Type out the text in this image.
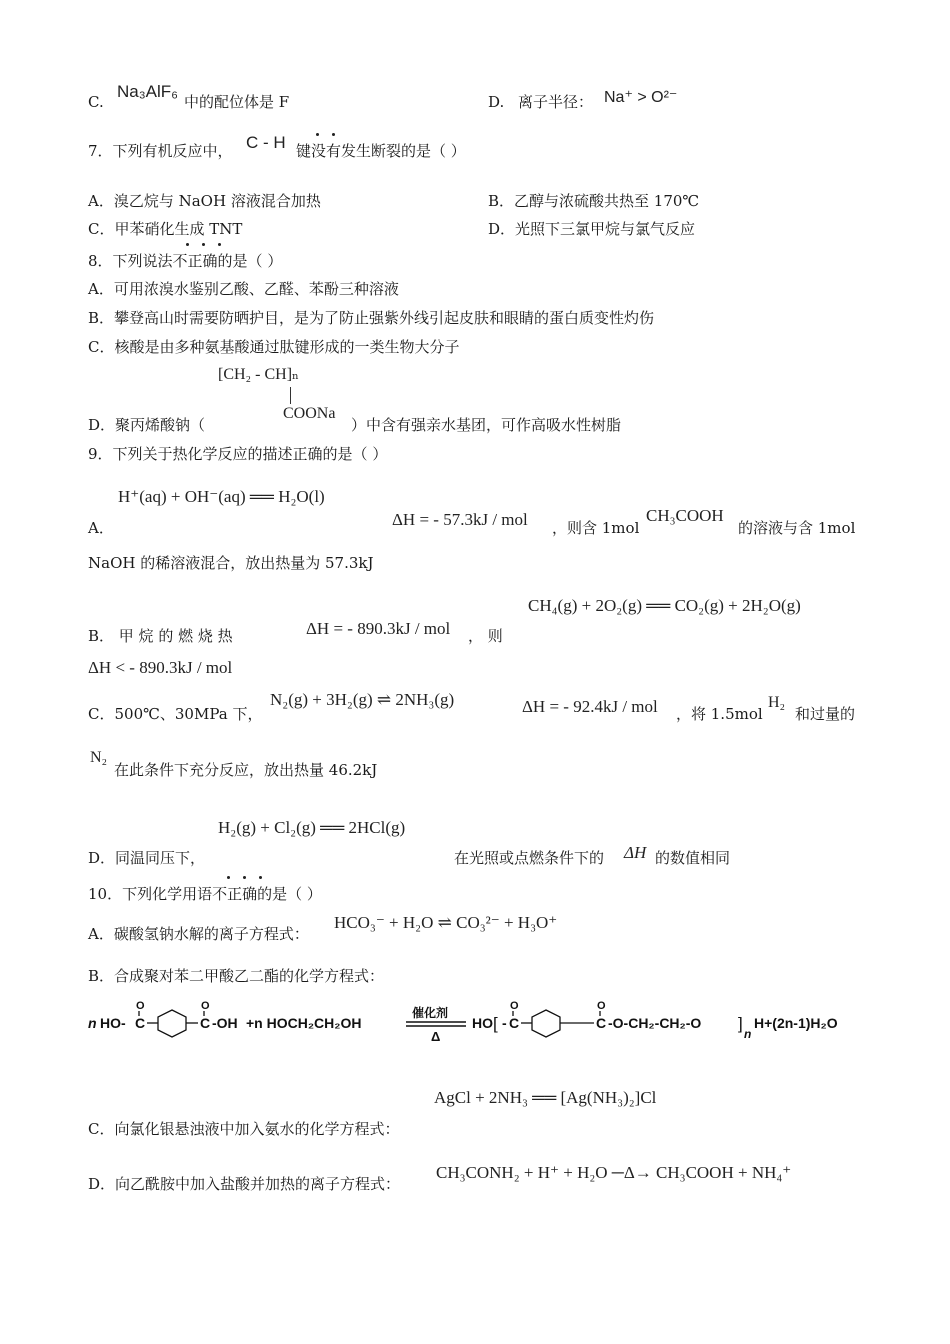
C.
Na₃AlF₆
中的配位体是 F	D. 离子半径： Na⁺ > O²⁻
7．下列有机反应中， C - H 键没有发生断裂的是（ ）
A．溴乙烷与 NaOH 溶液混合加热	B．乙醇与浓硫酸共热至 170℃
C．甲苯硝化生成 TNT	D．光照下三氯甲烷与氯气反应
8．下列说法不正确的是（ ）
A．可用浓溴水鉴别乙酸、乙醛、苯酚三种溶液
B．攀登高山时需要防晒护目，是为了防止强紫外线引起皮肤和眼睛的蛋白质变性灼伤
C．核酸是由多种氨基酸通过肽键形成的一类生物大分子
[CH₂ - CH]ₙ
COONa
D．聚丙烯酸钠（	）中含有强亲水基团，可作高吸水性树脂
9．下列关于热化学反应的描述正确的是（ ）
H⁺(aq) + OH⁻(aq) ══ H₂O(l)
A．	ΔH = - 57.3kJ / mol ，则含 1mol
CH₃COOH
的溶液与含 1mol
NaOH 的稀溶液混合，放出热量为 57.3kJ
CH₄(g) + 2O₂(g) ══ CO₂(g) + 2H₂O(g)
B． 甲 烷 的 燃 烧 热	ΔH = - 890.3kJ / mol ， 则
ΔH < - 890.3kJ / mol
C．500℃、30MPa 下，
N₂(g) + 3H₂(g) ⇌ 2NH₃(g)	ΔH = - 92.4kJ / mol ，将 1.5mol
H₂
和过量的
N₂
在此条件下充分反应，放出热量 46.2kJ
H₂(g) + Cl₂(g) ══ 2HCl(g)
D．同温同压下，	在光照或点燃条件下的 ΔH 的数值相同
10．下列化学用语不正确的是（ ）
A．碳酸氢钠水解的离子方程式：
HCO₃⁻ + H₂O ⇌ CO₃²⁻ + H₃O⁺
B．合成聚对苯二甲酸乙二酯的化学方程式：
n HO- C
O
C
O
-OH +n HOCH₂CH₂OH
催化剂
Δ
HO [ - C
O
C
O
-O-CH₂-CH₂-O ]
n
H+(2n-1)H₂O
AgCl + 2NH₃ ══ [Ag(NH₃)₂]Cl
C．向氯化银悬浊液中加入氨水的化学方程式：
D．向乙酰胺中加入盐酸并加热的离子方程式：
CH₃CONH₂ + H⁺ + H₂O ─Δ→ CH₃COOH + NH₄⁺
